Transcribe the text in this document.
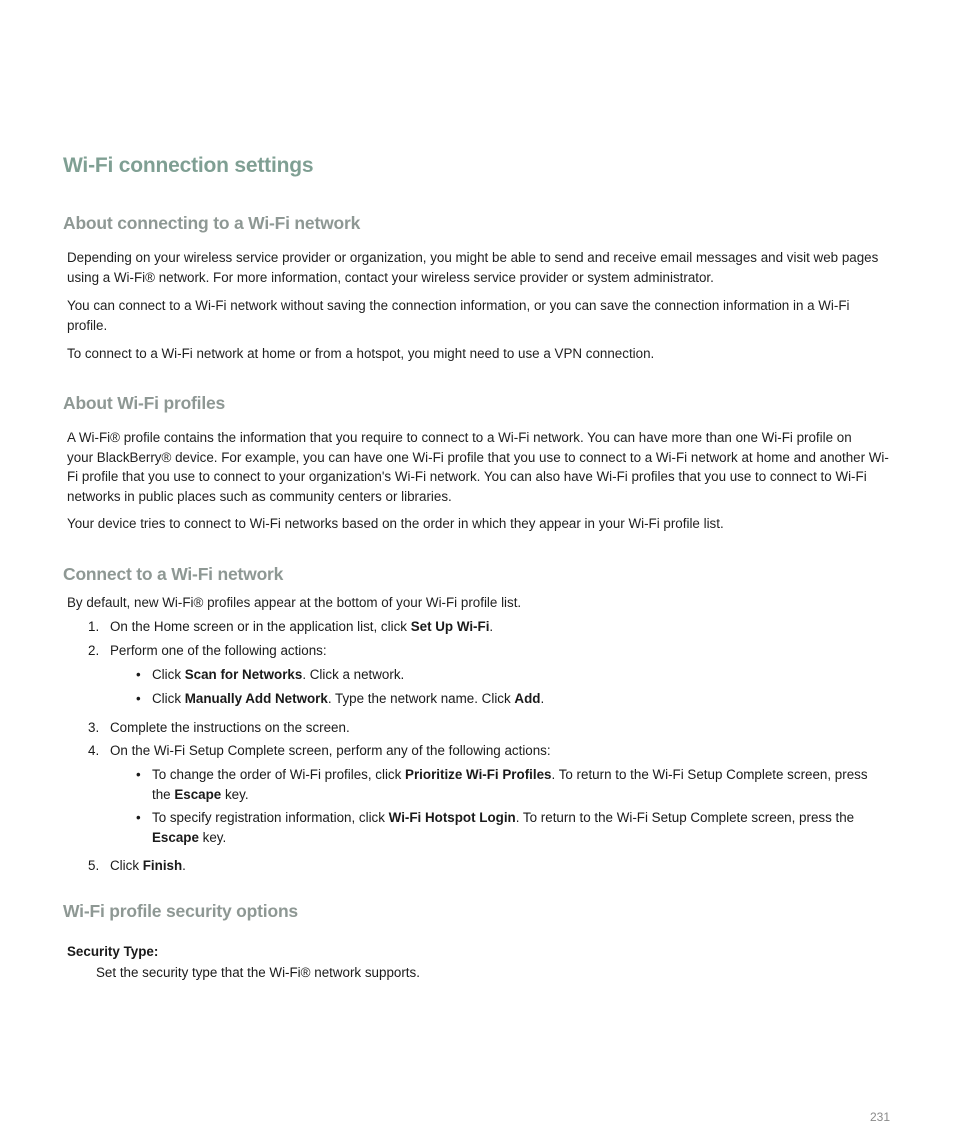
Wi-Fi connection settings
About connecting to a Wi-Fi network
Depending on your wireless service provider or organization, you might be able to send and receive email messages and visit web pages
using a Wi-Fi® network. For more information, contact your wireless service provider or system administrator.
You can connect to a Wi-Fi network without saving the connection information, or you can save the connection information in a Wi-Fi
profile.
To connect to a Wi-Fi network at home or from a hotspot, you might need to use a VPN connection.
About Wi-Fi profiles
A Wi-Fi® profile contains the information that you require to connect to a Wi-Fi network. You can have more than one Wi-Fi profile on
your BlackBerry® device. For example, you can have one Wi-Fi profile that you use to connect to a Wi-Fi network at home and another Wi-
Fi profile that you use to connect to your organization's Wi-Fi network. You can also have Wi-Fi profiles that you use to connect to Wi-Fi
networks in public places such as community centers or libraries.
Your device tries to connect to Wi-Fi networks based on the order in which they appear in your Wi-Fi profile list.
Connect to a Wi-Fi network
By default, new Wi-Fi® profiles appear at the bottom of your Wi-Fi profile list.
1. On the Home screen or in the application list, click Set Up Wi-Fi.
2. Perform one of the following actions:
• Click Scan for Networks. Click a network.
• Click Manually Add Network. Type the network name. Click Add.
3. Complete the instructions on the screen.
4. On the Wi-Fi Setup Complete screen, perform any of the following actions:
• To change the order of Wi-Fi profiles, click Prioritize Wi-Fi Profiles. To return to the Wi-Fi Setup Complete screen, press
the Escape key.
• To specify registration information, click Wi-Fi Hotspot Login. To return to the Wi-Fi Setup Complete screen, press the
Escape key.
5. Click Finish.
Wi-Fi profile security options
Security Type:
Set the security type that the Wi-Fi® network supports.
231
